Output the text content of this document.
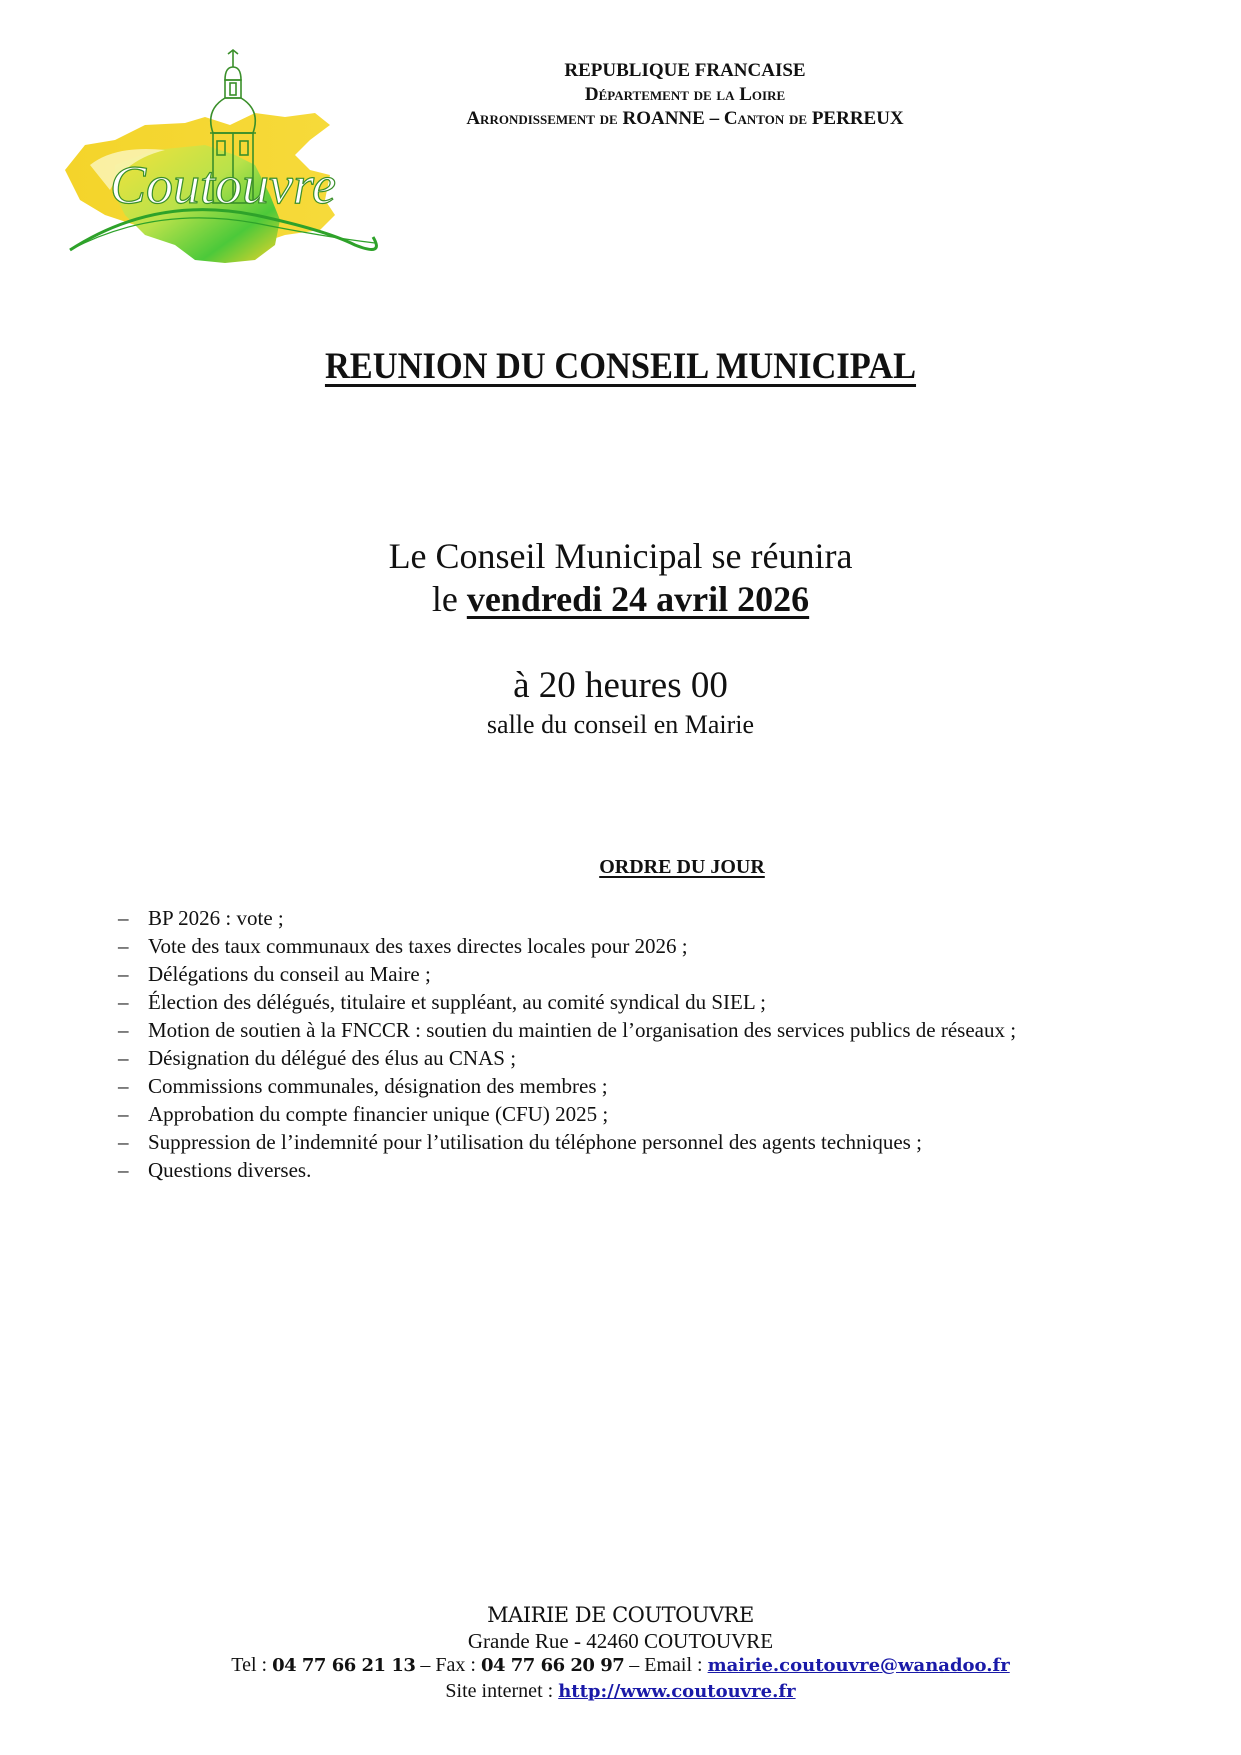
Coutouvre
REPUBLIQUE FRANCAISE
Département de la Loire
Arrondissement de ROANNE – Canton de PERREUX
REUNION DU CONSEIL MUNICIPAL
Le Conseil Municipal se réunira
le vendredi 24 avril 2026
à 20 heures 00
salle du conseil en Mairie
ORDRE DU JOUR
– BP 2026 : vote ;
– Vote des taux communaux des taxes directes locales pour 2026 ;
– Délégations du conseil au Maire ;
– Élection des délégués, titulaire et suppléant, au comité syndical du SIEL ;
– Motion de soutien à la FNCCR : soutien du maintien de l’organisation des services publics de réseaux ;
– Désignation du délégué des élus au CNAS ;
– Commissions communales, désignation des membres ;
– Approbation du compte financier unique (CFU) 2025 ;
– Suppression de l’indemnité pour l’utilisation du téléphone personnel des agents techniques ;
– Questions diverses.
MAIRIE DE COUTOUVRE
Grande Rue - 42460 COUTOUVRE
Tel : 04 77 66 21 13 – Fax : 04 77 66 20 97 – Email : mairie.coutouvre@wanadoo.fr
Site internet : http://www.coutouvre.fr
